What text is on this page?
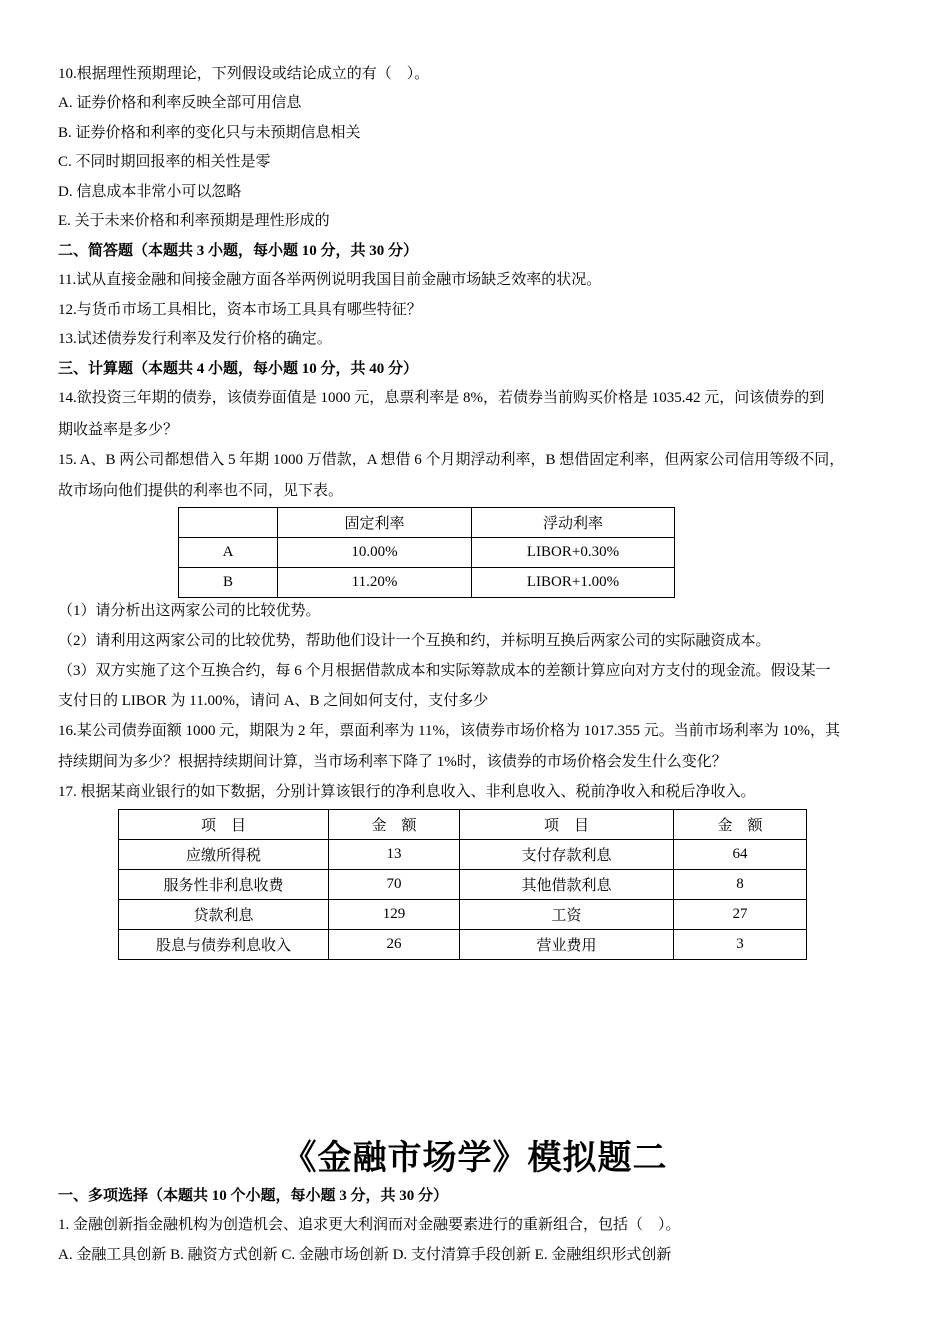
10.根据理性预期理论，下列假设或结论成立的有（　）。
A. 证券价格和利率反映全部可用信息
B. 证券价格和利率的变化只与未预期信息相关
C. 不同时期回报率的相关性是零
D. 信息成本非常小可以忽略
E. 关于未来价格和利率预期是理性形成的
二、简答题（本题共 3 小题，每小题 10 分，共 30 分）
11.试从直接金融和间接金融方面各举两例说明我国目前金融市场缺乏效率的状况。
12.与货币市场工具相比，资本市场工具具有哪些特征？
13.试述债券发行利率及发行价格的确定。
三、计算题（本题共 4 小题，每小题 10 分，共 40 分）
14.欲投资三年期的债券，该债券面值是 1000 元，息票利率是 8%，若债券当前购买价格是 1035.42 元，问该债券的到
期收益率是多少？
15. A、B 两公司都想借入 5 年期 1000 万借款，A 想借 6 个月期浮动利率，B 想借固定利率，但两家公司信用等级不同，
故市场向他们提供的利率也不同，见下表。
	固定利率	浮动利率
A	10.00%	LIBOR+0.30%
B	11.20%	LIBOR+1.00%
（1）请分析出这两家公司的比较优势。
（2）请利用这两家公司的比较优势，帮助他们设计一个互换和约，并标明互换后两家公司的实际融资成本。
（3）双方实施了这个互换合约，每 6 个月根据借款成本和实际筹款成本的差额计算应向对方支付的现金流。假设某一
支付日的 LIBOR 为 11.00%，请问 A、B 之间如何支付，支付多少
16.某公司债券面额 1000 元，期限为 2 年，票面利率为 11%，该债券市场价格为 1017.355 元。当前市场利率为 10%，其
持续期间为多少？根据持续期间计算，当市场利率下降了 1%时，该债券的市场价格会发生什么变化？
17. 根据某商业银行的如下数据，分别计算该银行的净利息收入、非利息收入、税前净收入和税后净收入。
项　目	金　额	项　目	金　额
应缴所得税	13	支付存款利息	64
服务性非利息收费	70	其他借款利息	8
贷款利息	129	工资	27
股息与债券利息收入	26	营业费用	3
《金融市场学》模拟题二
一、多项选择（本题共 10 个小题，每小题 3 分，共 30 分）
1. 金融创新指金融机构为创造机会、追求更大利润而对金融要素进行的重新组合，包括（　）。
A. 金融工具创新 B. 融资方式创新 C. 金融市场创新 D. 支付清算手段创新 E. 金融组织形式创新
